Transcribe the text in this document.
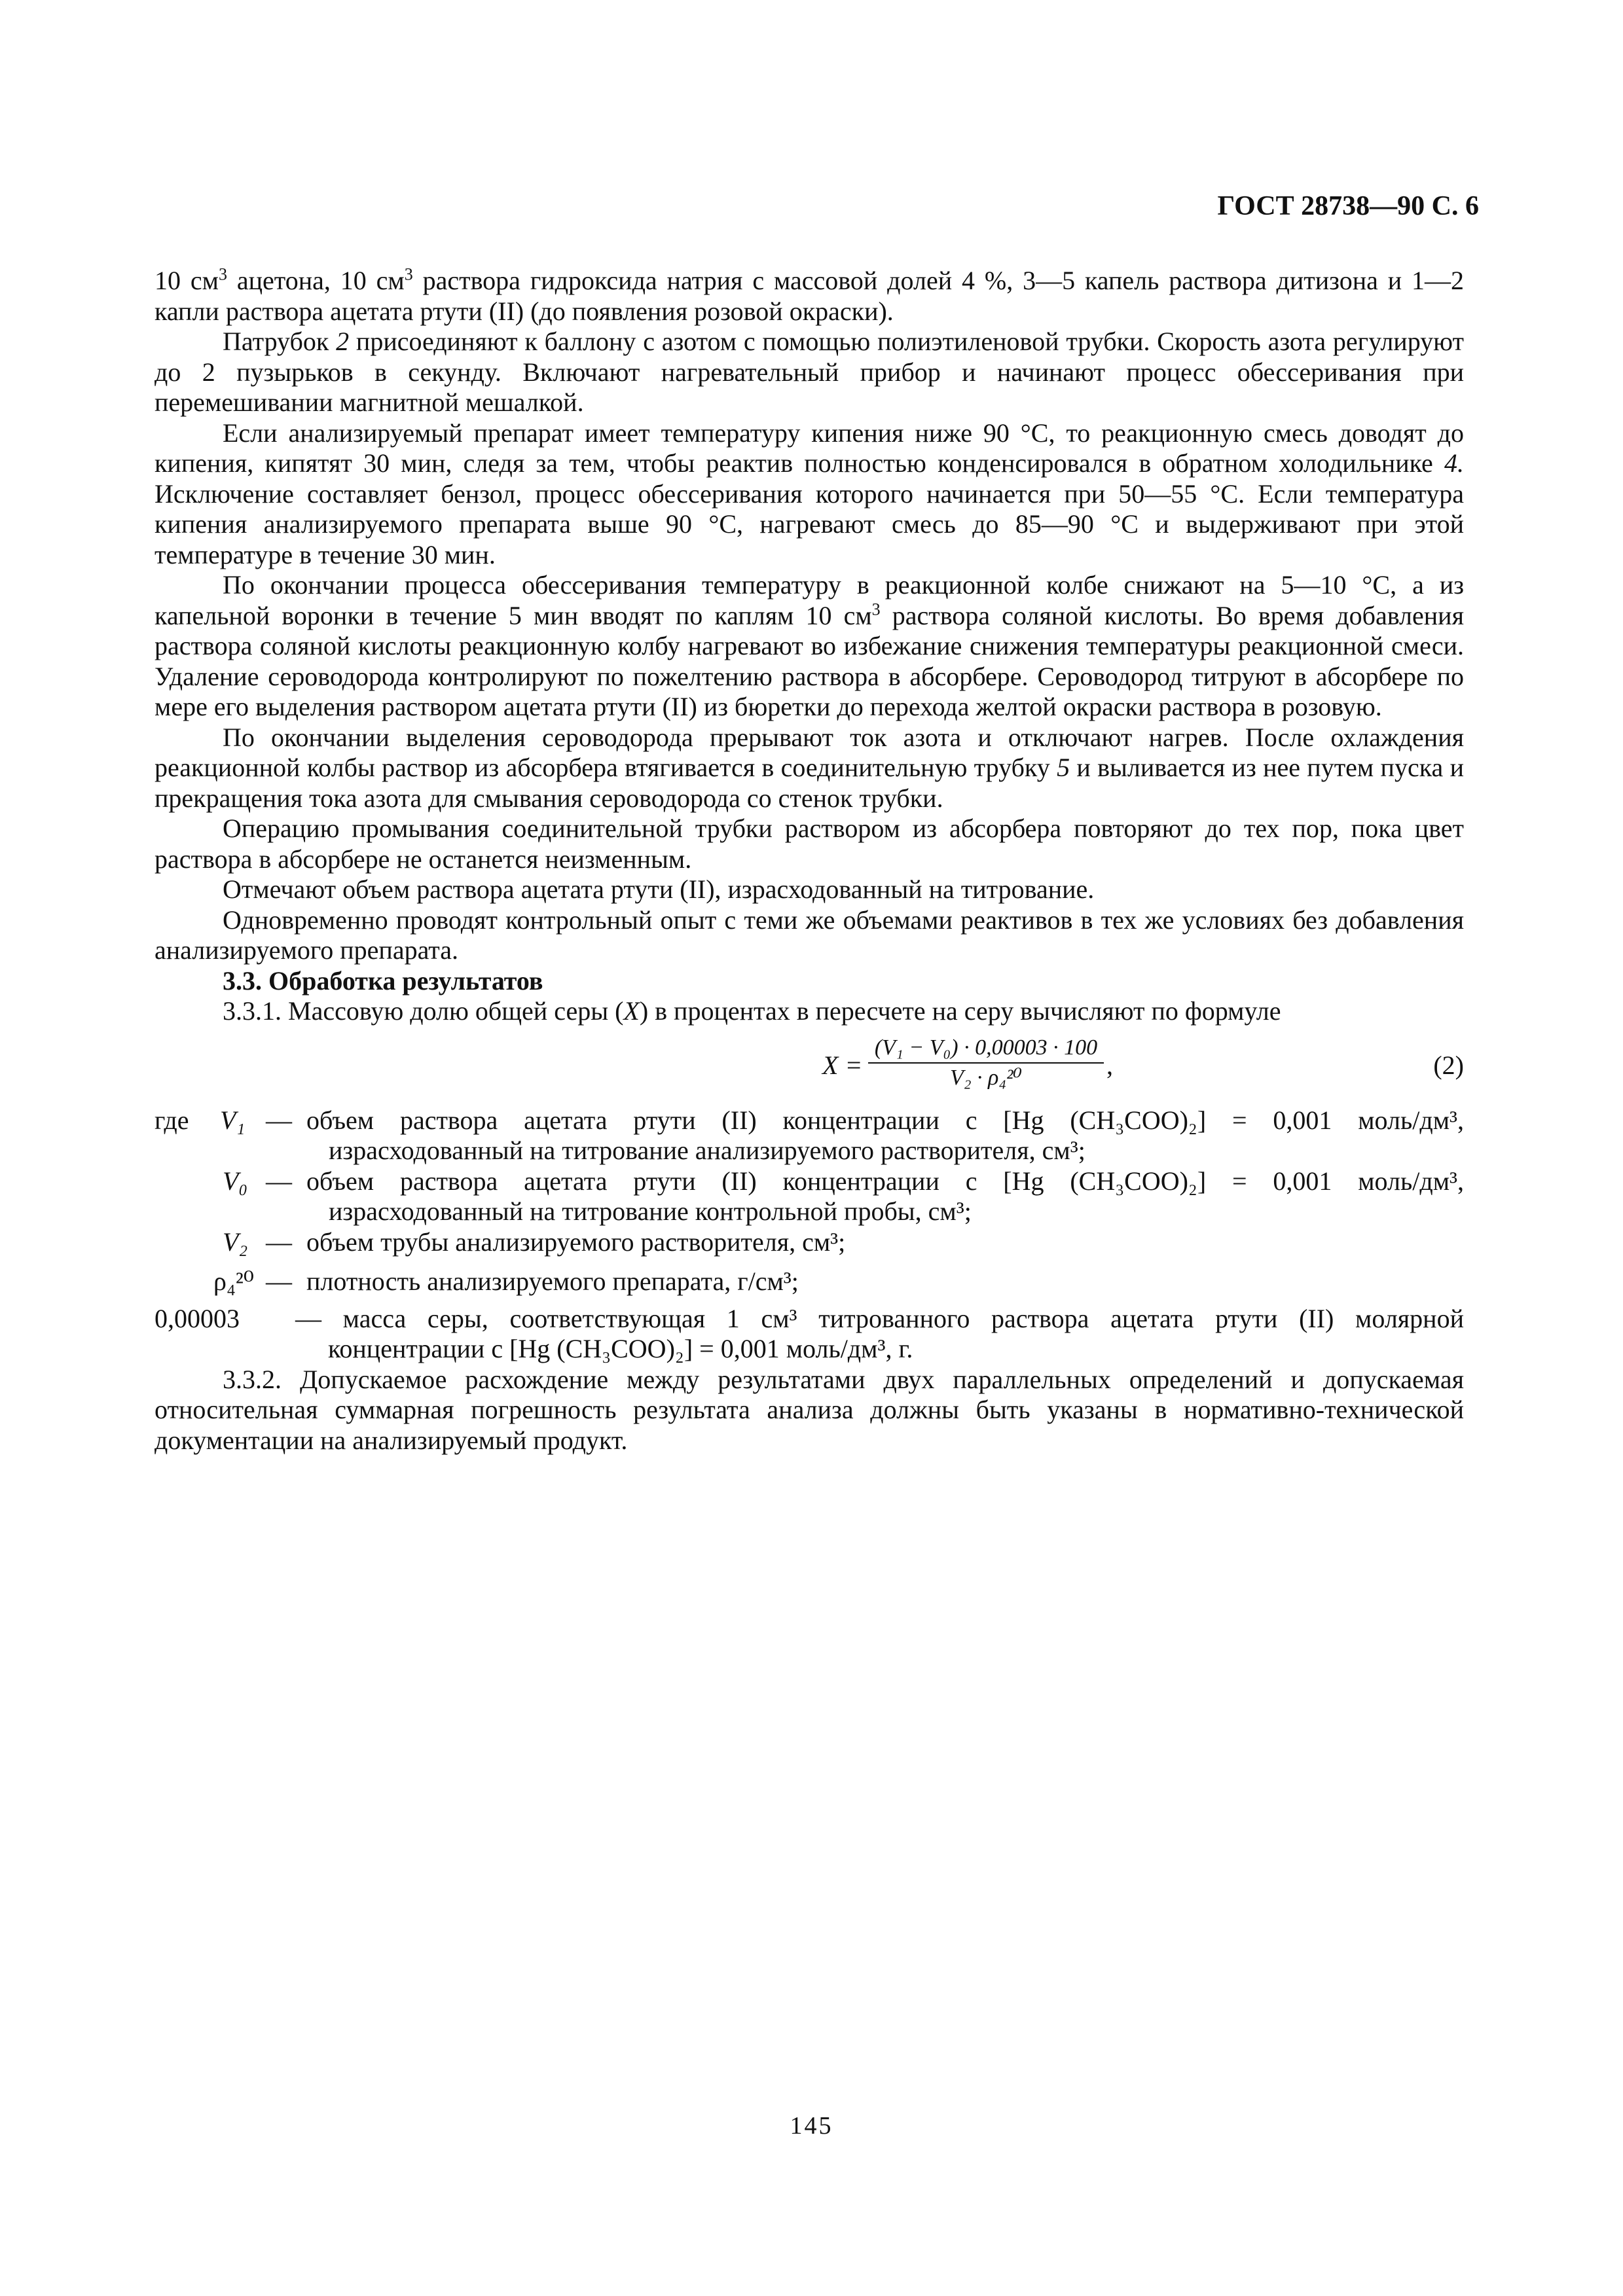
ГОСТ 28738—90 С. 6

10 $см^3$ ацетона, 10 $см^3$ раствора гидроксида натрия с массовой долей 4 %, 3—5 капель раствора дитизона и 1—2 капли раствора ацетата ртути (II) (до появления розовой окраски).

Патрубок 2 присоединяют к баллону с азотом с помощью полиэтиленовой трубки. Скорость азота регулируют до 2 пузырьков в секунду. Включают нагревательный прибор и начинают процесс обессеривания при перемешивании магнитной мешалкой.

Если анализируемый препарат имеет температуру кипения ниже 90 °С, то реакционную смесь доводят до кипения, кипятят 30 мин, следя за тем, чтобы реактив полностью конденсировался в обратном холодильнике 4. Исключение составляет бензол, процесс обессеривания которого начинается при 50—55 °С. Если температура кипения анализируемого препарата выше 90 °С, нагревают смесь до 85—90 °С и выдерживают при этой температуре в течение 30 мин.

По окончании процесса обессеривания температуру в реакционной колбе снижают на 5—10 °С, а из капельной воронки в течение 5 мин вводят по каплям 10 $см^3$ раствора соляной кислоты. Во время добавления раствора соляной кислоты реакционную колбу нагревают во избежание снижения температуры реакционной смеси. Удаление сероводорода контролируют по пожелтению раствора в абсорбере. Сероводород титруют в абсорбере по мере его выделения раствором ацетата ртути (II) из бюретки до перехода желтой окраски раствора в розовую.

По окончании выделения сероводорода прерывают ток азота и отключают нагрев. После охлаждения реакционной колбы раствор из абсорбера втягивается в соединительную трубку 5 и выливается из нее путем пуска и прекращения тока азота для смывания сероводорода со стенок трубки.

Операцию промывания соединительной трубки раствором из абсорбера повторяют до тех пор, пока цвет раствора в абсорбере не останется неизменным.

Отмечают объем раствора ацетата ртути (II), израсходованный на титрование.

Одновременно проводят контрольный опыт с теми же объемами реактивов в тех же условиях без добавления анализируемого препарата.

3.3. Обработка результатов

3.3.1. Массовую долю общей серы (X) в процентах в пересчете на серу вычисляют по формуле

X =
(V₁ − V₀) · 0,00003 · 100
V₂ · ρ₄²⁰	,	(2)
где V₁ — объем раствора ацетата ртути (II) концентрации c [Hg (CH₃COO)₂] = 0,001 моль/дм³,
израсходованный на титрование анализируемого растворителя, см³;
V₀ — объем раствора ацетата ртути (II) концентрации c [Hg (CH₃COO)₂] = 0,001 моль/дм³,
израсходованный на титрование контрольной пробы, см³;
V₂ — объем трубы анализируемого растворителя, см³;
ρ₄²⁰ — плотность анализируемого препарата, г/см³;
0,00003 — масса серы, соответствующая 1 см³ титрованного раствора ацетата ртути (II) молярной
концентрации c [Hg (CH₃COO)₂] = 0,001 моль/дм³, г.

3.3.2. Допускаемое расхождение между результатами двух параллельных определений и допускаемая относительная суммарная погрешность результата анализа должны быть указаны в нормативно-технической документации на анализируемый продукт.

145
